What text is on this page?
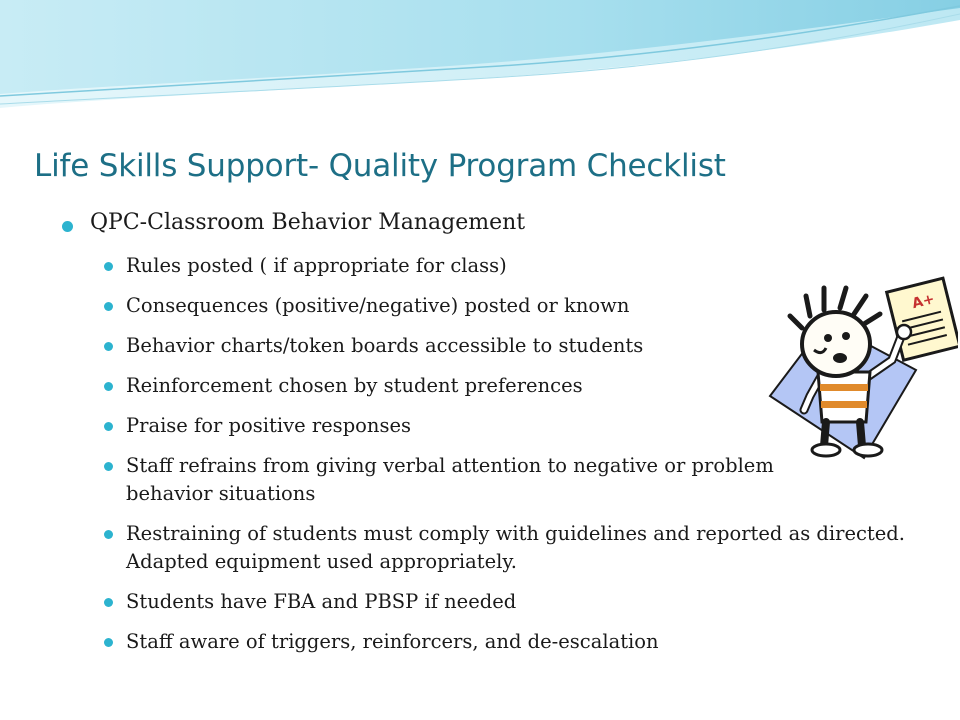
Life Skills Support- Quality Program Checklist
QPC-Classroom Behavior Management
Rules posted ( if appropriate for class)
Consequences (positive/negative) posted or known
Behavior charts/token boards accessible to students
Reinforcement chosen by student preferences
Praise for positive responses
Staff refrains from giving verbal attention to negative or problem behavior situations
Restraining of students must comply with guidelines and reported as directed. Adapted equipment used appropriately.
Students have FBA and PBSP if needed
Staff aware of triggers, reinforcers, and de-escalation
A+
